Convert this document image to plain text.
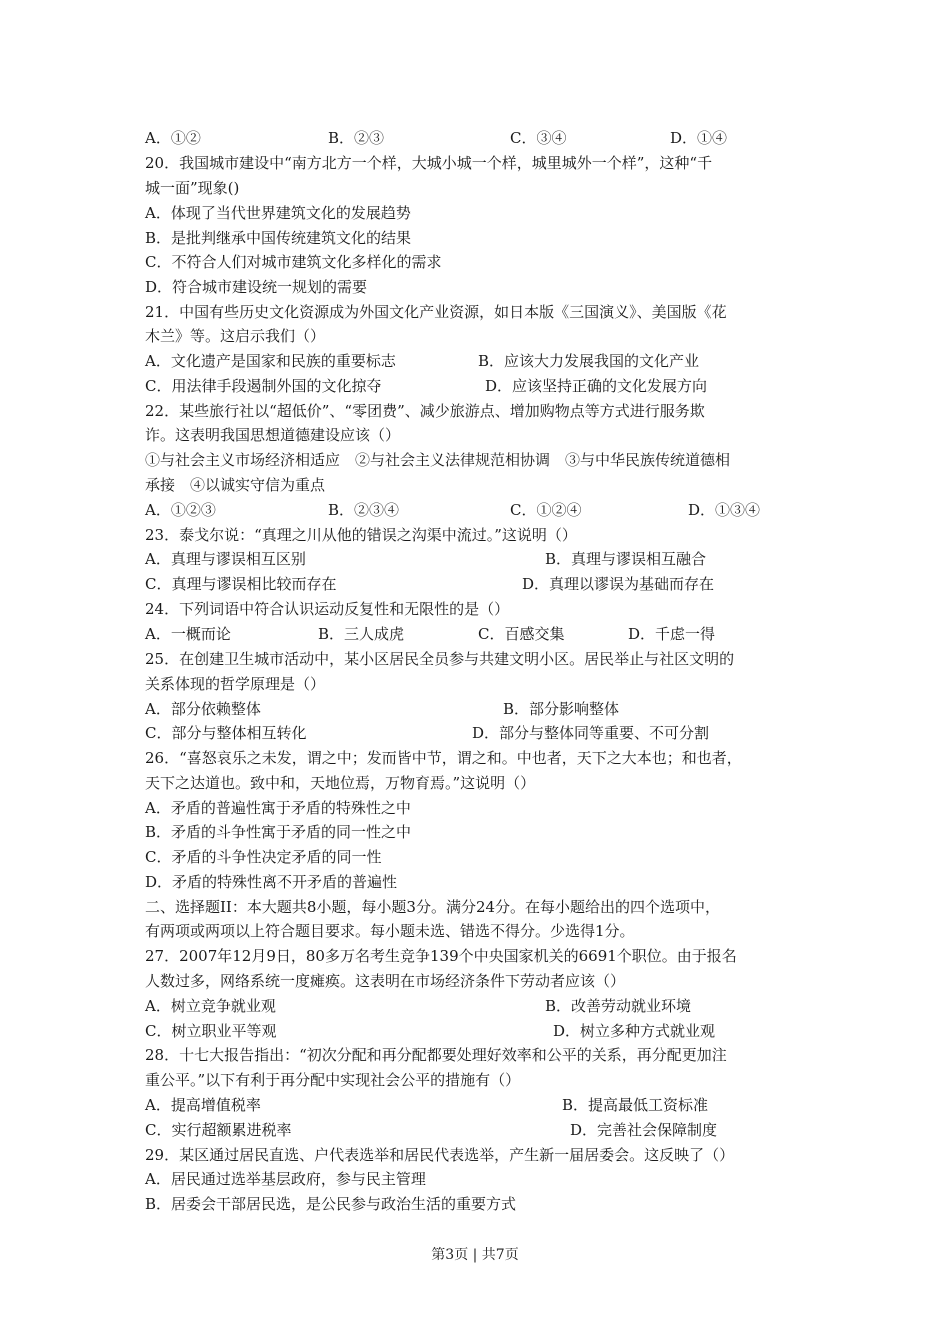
A．①②	B．②③	C．③④	D．①④
20．我国城市建设中“南方北方一个样，大城小城一个样，城里城外一个样”，这种“千
城一面”现象()
A．体现了当代世界建筑文化的发展趋势
B．是批判继承中国传统建筑文化的结果
C．不符合人们对城市建筑文化多样化的需求
D．符合城市建设统一规划的需要
21．中国有些历史文化资源成为外国文化产业资源，如日本版《三国演义》、美国版《花
木兰》等。这启示我们（）
A．文化遗产是国家和民族的重要标志	B．应该大力发展我国的文化产业
C．用法律手段遏制外国的文化掠夺	D．应该坚持正确的文化发展方向
22．某些旅行社以“超低价”、“零团费”、减少旅游点、增加购物点等方式进行服务欺
诈。这表明我国思想道德建设应该（）
①与社会主义市场经济相适应　②与社会主义法律规范相协调　③与中华民族传统道德相
承接　④以诚实守信为重点
A．①②③	B．②③④	C．①②④	D．①③④
23．泰戈尔说：“真理之川从他的错误之沟渠中流过。”这说明（）
A．真理与谬误相互区别	B．真理与谬误相互融合
C．真理与谬误相比较而存在	D．真理以谬误为基础而存在
24．下列词语中符合认识运动反复性和无限性的是（）
A．一概而论	B．三人成虎	C．百感交集	D．千虑一得
25．在创建卫生城市活动中，某小区居民全员参与共建文明小区。居民举止与社区文明的
关系体现的哲学原理是（）
A．部分依赖整体	B．部分影响整体
C．部分与整体相互转化	D．部分与整体同等重要、不可分割
26．“喜怒哀乐之未发，谓之中；发而皆中节，谓之和。中也者，天下之大本也；和也者，
天下之达道也。致中和，天地位焉，万物育焉。”这说明（）
A．矛盾的普遍性寓于矛盾的特殊性之中
B．矛盾的斗争性寓于矛盾的同一性之中
C．矛盾的斗争性决定矛盾的同一性
D．矛盾的特殊性离不开矛盾的普遍性
二、选择题II：本大题共8小题，每小题3分。满分24分。在每小题给出的四个选项中，
有两项或两项以上符合题目要求。每小题未选、错选不得分。少选得1分。
27．2007年12月9日，80多万名考生竞争139个中央国家机关的6691个职位。由于报名
人数过多，网络系统一度瘫痪。这表明在市场经济条件下劳动者应该（）
A．树立竞争就业观	B．改善劳动就业环境
C．树立职业平等观	D．树立多种方式就业观
28．十七大报告指出：“初次分配和再分配都要处理好效率和公平的关系，再分配更加注
重公平。”以下有利于再分配中实现社会公平的措施有（）
A．提高增值税率	B．提高最低工资标准
C．实行超额累进税率	D．完善社会保障制度
29．某区通过居民直选、户代表选举和居民代表选举，产生新一届居委会。这反映了（）
A．居民通过选举基层政府，参与民主管理
B．居委会干部居民选，是公民参与政治生活的重要方式
第3页 | 共7页
